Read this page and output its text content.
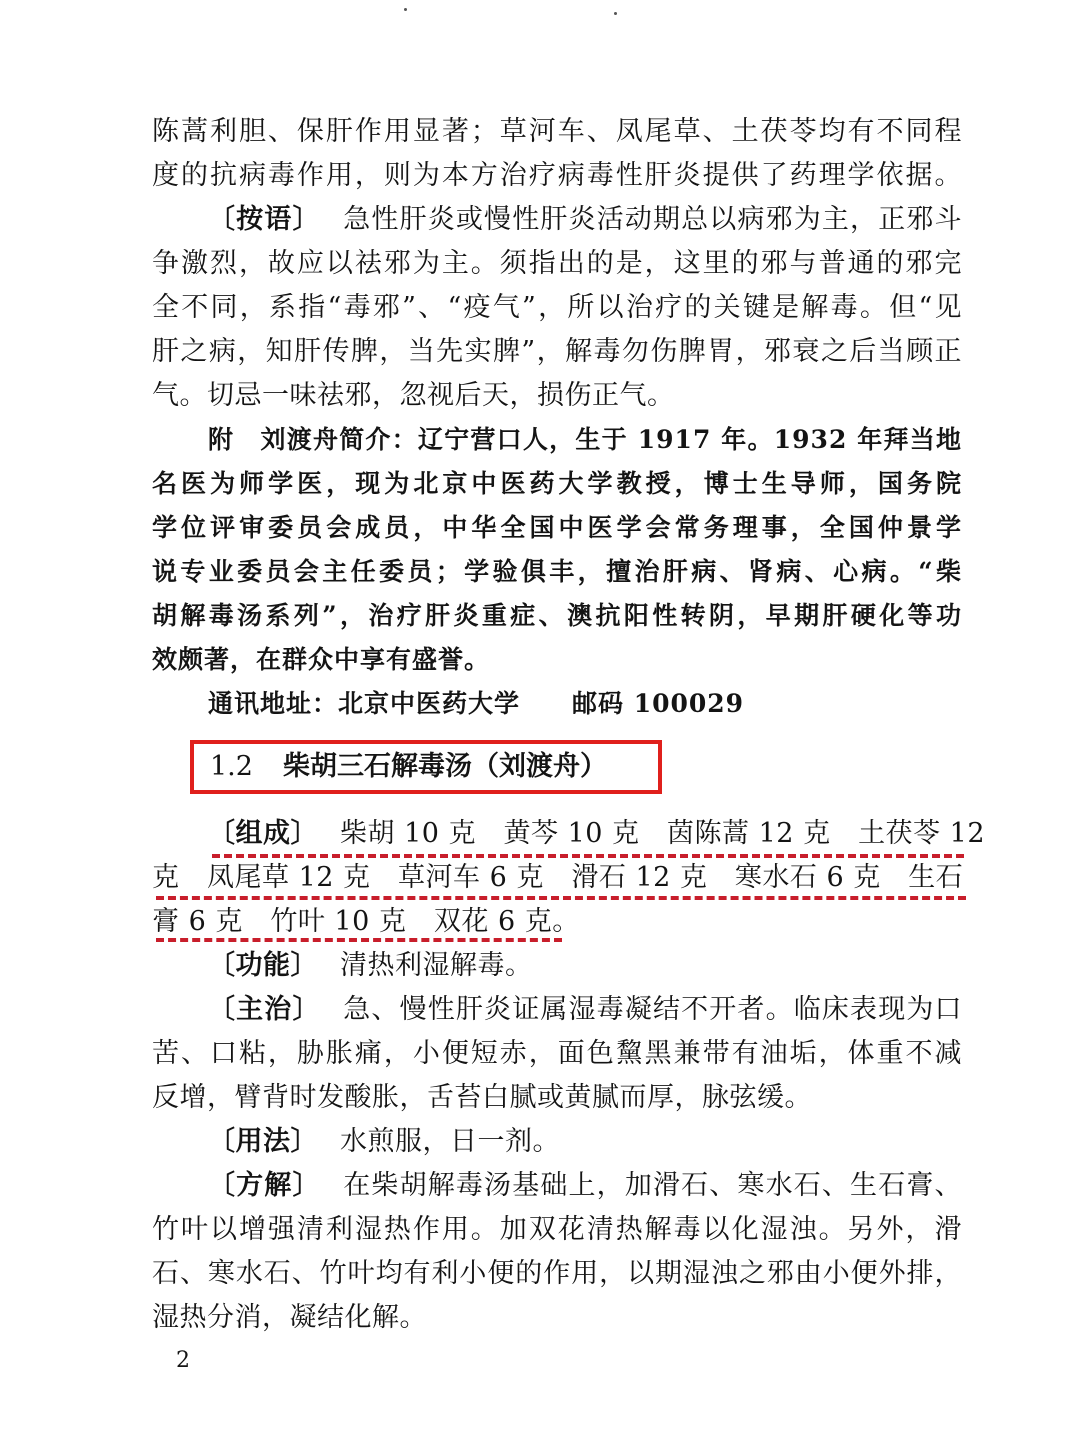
陈蒿利胆、保肝作用显著；草河车、凤尾草、土茯苓均有不同程
度的抗病毒作用，则为本方治疗病毒性肝炎提供了药理学依据。
〔按语〕 急性肝炎或慢性肝炎活动期总以病邪为主，正邪斗
争激烈，故应以祛邪为主。须指出的是，这里的邪与普通的邪完
全不同，系指“毒邪”、“疫气”，所以治疗的关键是解毒。但“见
肝之病，知肝传脾，当先实脾”，解毒勿伤脾胃，邪衰之后当顾正
气。切忌一味祛邪，忽视后天，损伤正气。
附　刘渡舟简介：辽宁营口人，生于 1917 年。1932 年拜当地
名医为师学医，现为北京中医药大学教授，博士生导师，国务院
学位评审委员会成员，中华全国中医学会常务理事，全国仲景学
说专业委员会主任委员；学验俱丰，擅治肝病、肾病、心病。“柴
胡解毒汤系列”，治疗肝炎重症、澳抗阳性转阴，早期肝硬化等功
效颇著，在群众中享有盛誉。
通讯地址：北京中医药大学　　邮码 100029
1.2 柴胡三石解毒汤（刘渡舟）
〔组成〕 柴胡 10 克　黄芩 10 克　茵陈蒿 12 克　土茯苓 12
克　凤尾草 12 克　草河车 6 克　滑石 12 克　寒水石 6 克　生石
膏 6 克　竹叶 10 克　双花 6 克。
〔功能〕 清热利湿解毒。
〔主治〕 急、慢性肝炎证属湿毒凝结不开者。临床表现为口
苦、口粘，胁胀痛，小便短赤，面色黧黑兼带有油垢，体重不减
反增，臂背时发酸胀，舌苔白腻或黄腻而厚，脉弦缓。
〔用法〕 水煎服，日一剂。
〔方解〕 在柴胡解毒汤基础上，加滑石、寒水石、生石膏、
竹叶以增强清利湿热作用。加双花清热解毒以化湿浊。另外，滑
石、寒水石、竹叶均有利小便的作用，以期湿浊之邪由小便外排，
湿热分消，凝结化解。
2
